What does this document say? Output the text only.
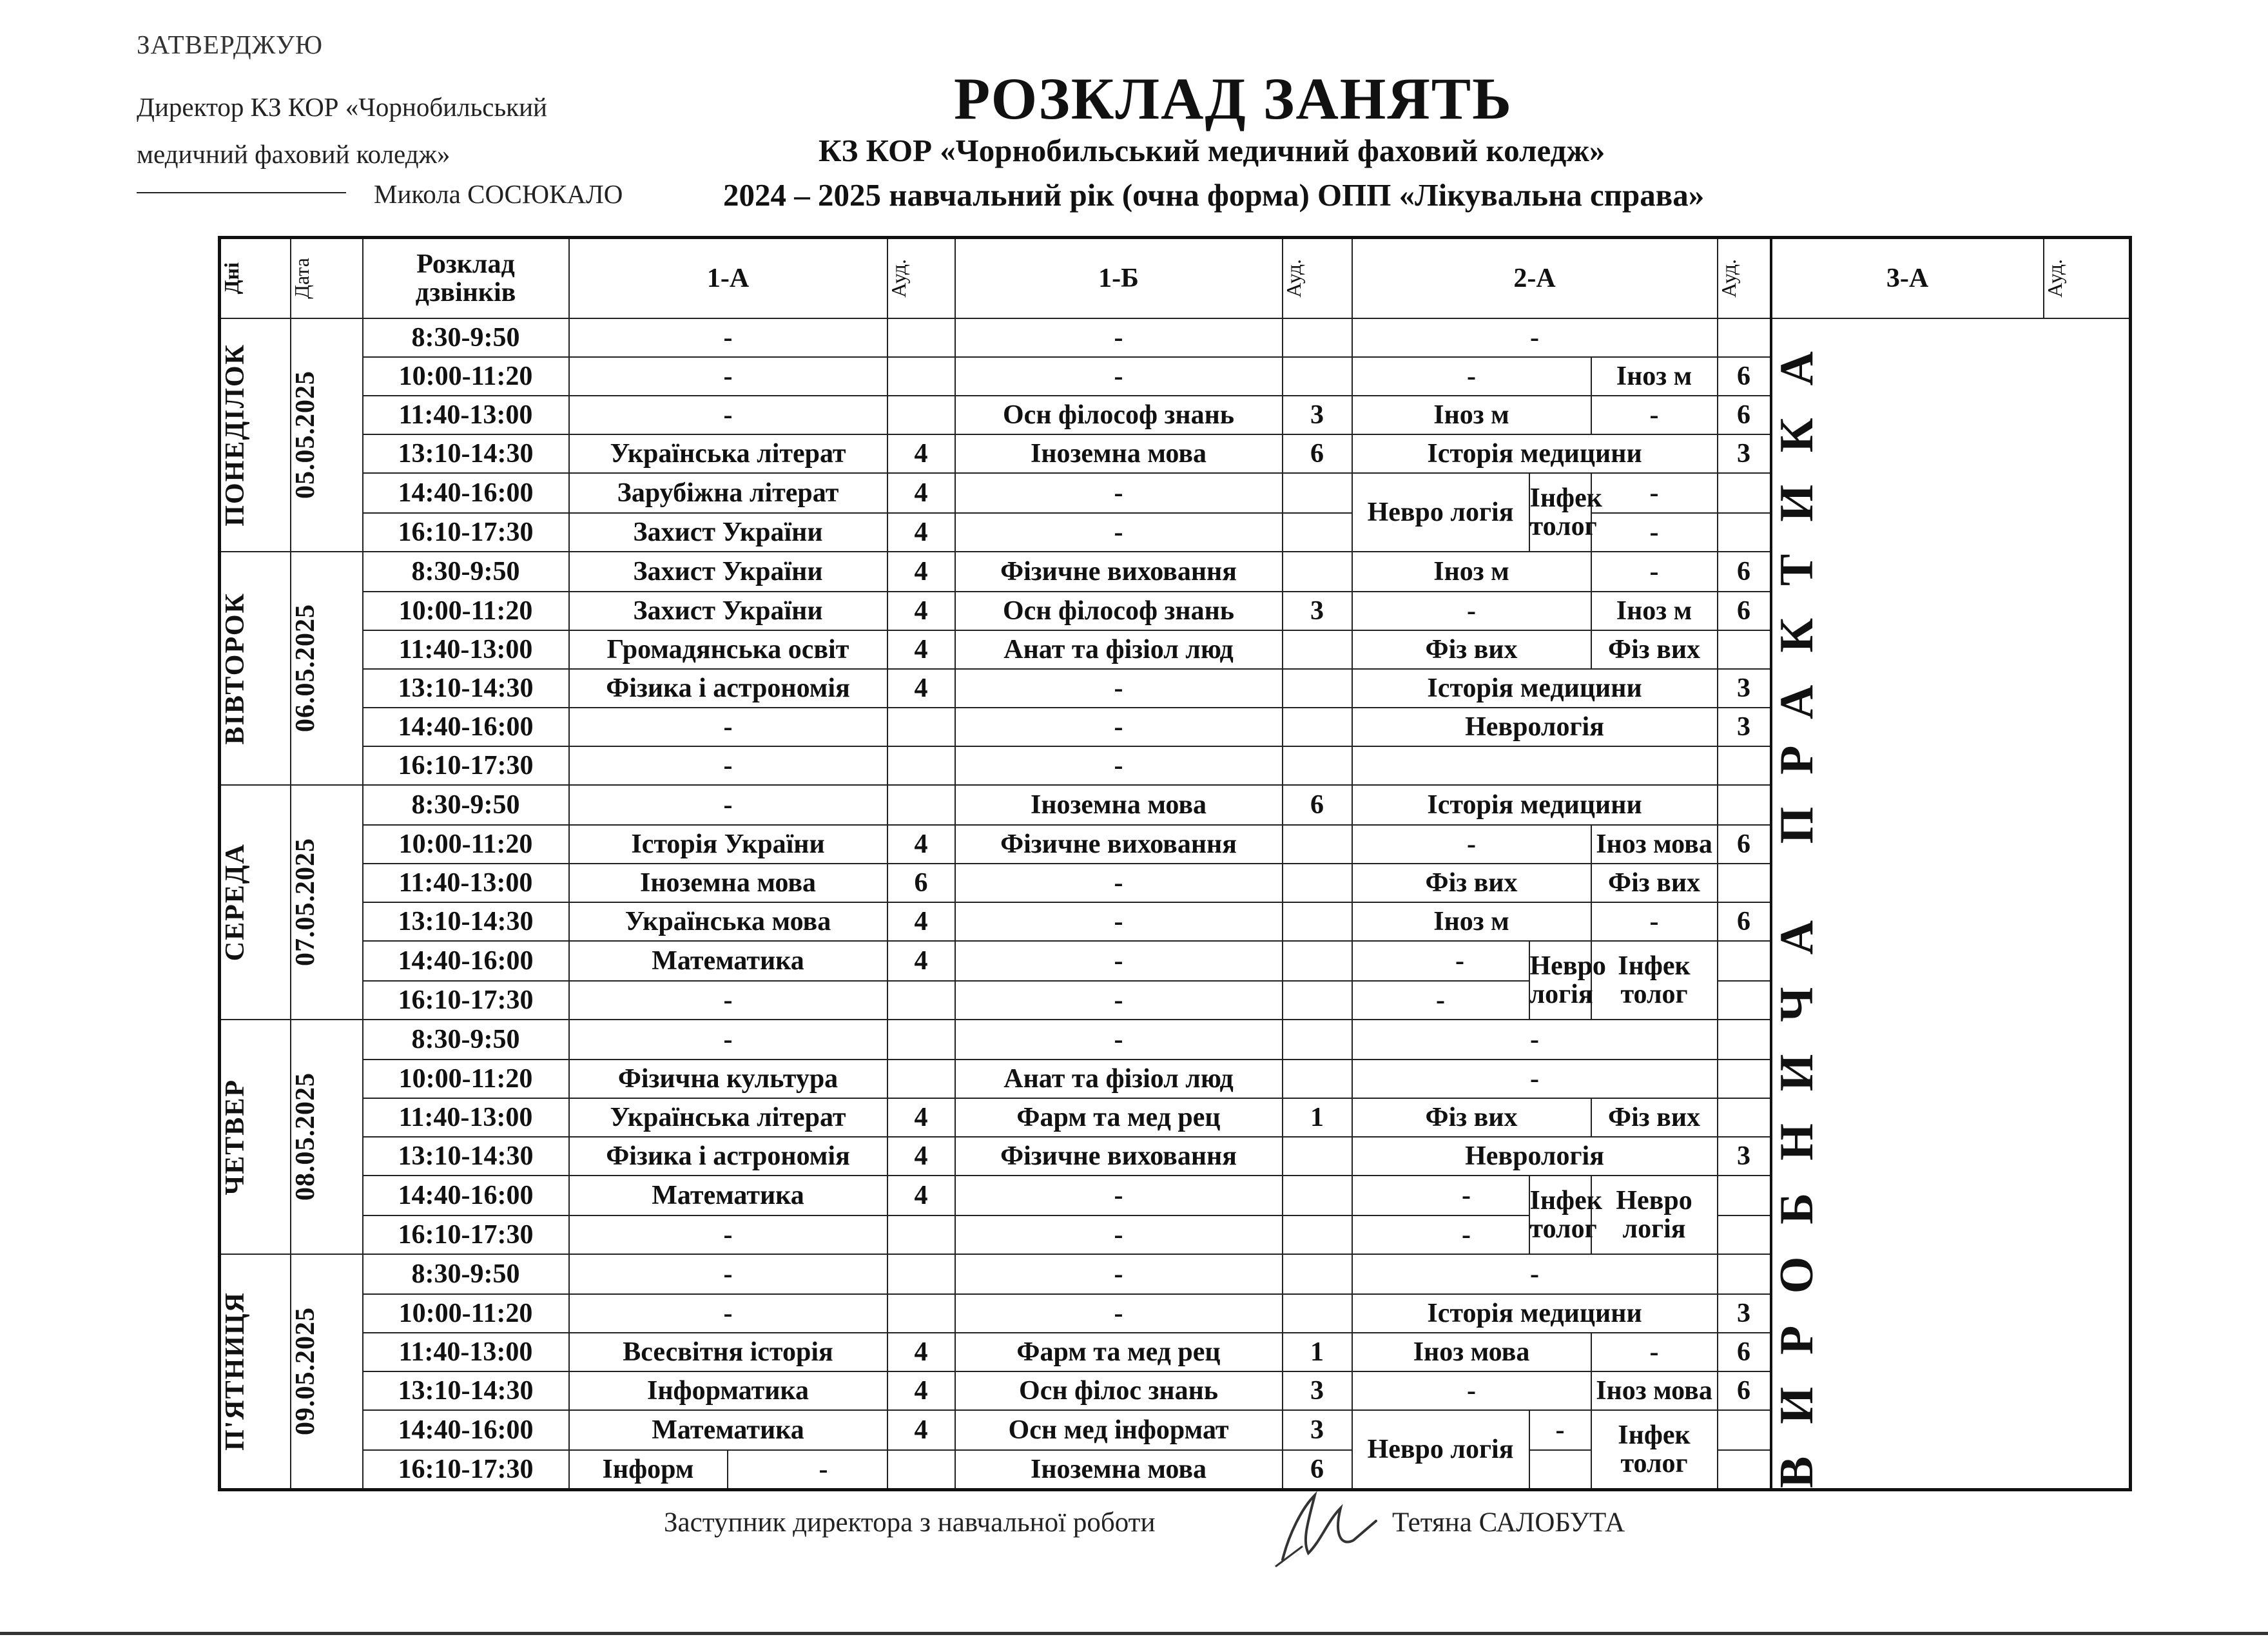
ЗАТВЕРДЖУЮ
Директор КЗ КОР «Чорнобильський
медичний фаховий коледж»
Микола СОСЮКАЛО
РОЗКЛАД ЗАНЯТЬ
КЗ КОР «Чорнобильський медичний фаховий коледж»
2024 – 2025 навчальний рік (очна форма) ОПП «Лікувальна справа»
Дні	Дата	Розклад дзвінків	1-А		Ауд.	1-Б	Ауд.	2-А			Ауд.	3-А	Ауд.

ПОНЕДІЛОК	05.05.2025	8:30-9:50	-			-		-				ВИРОБНИЧА ПРАКТИКА	

		10:00-11:20	-			-		-		Іноз м	6		
		11:40-13:00	-			Осн філософ знань	3	Іноз м		-	6		
		13:10-14:30	Українська літерат		4	Іноземна мова	6	Історія медицини			3		
		14:40-16:00	Зарубіжна літерат		4	-		Невро логія	Інфек толог	-			
		16:10-17:30	Захист України		4	-				-			

ВІВТОРОК	06.05.2025	8:30-9:50	Захист України		4	Фізичне виховання		Іноз м		-	6		
		10:00-11:20	Захист України		4	Осн філософ знань	3	-		Іноз м	6		
		11:40-13:00	Громадянська освіт		4	Анат та фізіол люд		Фіз вих		Фіз вих			
		13:10-14:30	Фізика і астрономія		4	-		Історія медицини			3		
		14:40-16:00	-			-		Неврологія			3		
		16:10-17:30	-			-							

СЕРЕДА	07.05.2025	8:30-9:50	-			Іноземна мова	6	Історія медицини					
		10:00-11:20	Історія України		4	Фізичне виховання		-		Іноз мова	6		
		11:40-13:00	Іноземна мова		6	-		Фіз вих		Фіз вих			
		13:10-14:30	Українська мова		4	-		Іноз м		-	6		
		14:40-16:00	Математика		4	-		-	Невро логія	Інфек толог			
		16:10-17:30	-			-		-					

ЧЕТВЕР	08.05.2025	8:30-9:50	-			-		-					
		10:00-11:20	Фізична культура			Анат та фізіол люд		-					
		11:40-13:00	Українська літерат		4	Фарм та мед рец	1	Фіз вих		Фіз вих			
		13:10-14:30	Фізика і астрономія		4	Фізичне виховання		Неврологія			3		
		14:40-16:00	Математика		4	-		-	Інфек толог	Невро логія			
		16:10-17:30	-			-		-					

П'ЯТНИЦЯ	09.05.2025	8:30-9:50	-			-		-					
		10:00-11:20	-			-		Історія медицини			3		
		11:40-13:00	Всесвітня історія		4	Фарм та мед рец	1	Іноз мова		-	6		
		13:10-14:30	Інформатика		4	Осн філос знань	3	-		Іноз мова	6		
		14:40-16:00	Математика		4	Осн мед інформат	3	Невро логія	-	Інфек толог			
		16:10-17:30	Інформ	-		Іноземна мова	6						
Заступник директора з навчальної роботи	Тетяна САЛОБУТА
